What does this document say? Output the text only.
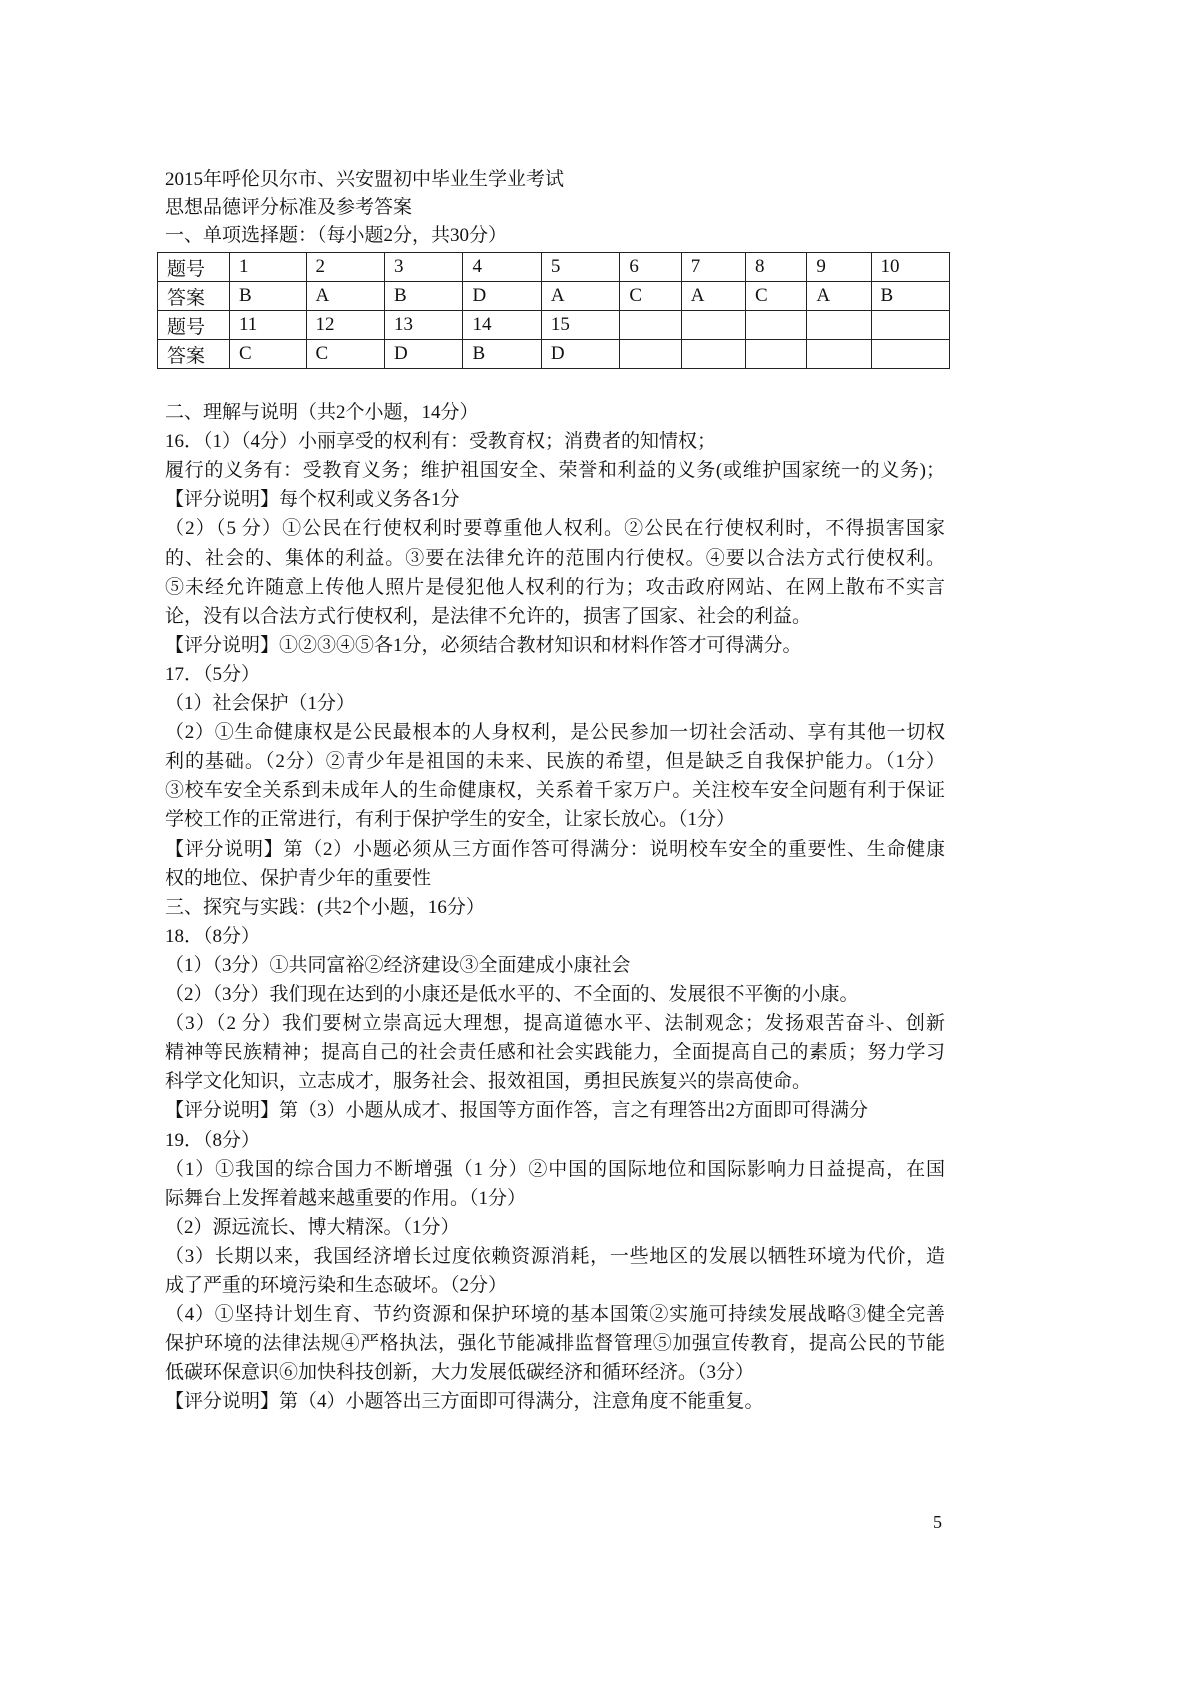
2015年呼伦贝尔市、兴安盟初中毕业生学业考试
思想品德评分标准及参考答案
一、单项选择题：（每小题2分，共30分）
题号	1	2	3	4	5	6	7	8	9	10
答案	B	A	B	D	A	C	A	C	A	B
题号	11	12	13	14	15					
答案	C	C	D	B	D					
二、理解与说明（共2个小题，14分）
16．（1）（4分）小丽享受的权利有：受教育权；消费者的知情权；
履行的义务有：受教育义务；维护祖国安全、荣誉和利益的义务(或维护国家统一的义务)；
【评分说明】每个权利或义务各1分
（2）（5 分）①公民在行使权利时要尊重他人权利。②公民在行使权利时，不得损害国家
的、社会的、集体的利益。③要在法律允许的范围内行使权。④要以合法方式行使权利。
⑤未经允许随意上传他人照片是侵犯他人权利的行为；攻击政府网站、在网上散布不实言
论，没有以合法方式行使权利，是法律不允许的，损害了国家、社会的利益。
【评分说明】①②③④⑤各1分，必须结合教材知识和材料作答才可得满分。
17．（5分）
（1）社会保护（1分）
（2）①生命健康权是公民最根本的人身权利，是公民参加一切社会活动、享有其他一切权
利的基础。（2分）②青少年是祖国的未来、民族的希望，但是缺乏自我保护能力。（1分）
③校车安全关系到未成年人的生命健康权，关系着千家万户。关注校车安全问题有利于保证
学校工作的正常进行，有利于保护学生的安全，让家长放心。（1分）
【评分说明】第（2）小题必须从三方面作答可得满分：说明校车安全的重要性、生命健康
权的地位、保护青少年的重要性
三、探究与实践：(共2个小题，16分）
18．（8分）
（1）（3分）①共同富裕②经济建设③全面建成小康社会
（2）（3分）我们现在达到的小康还是低水平的、不全面的、发展很不平衡的小康。
（3）（2 分）我们要树立崇高远大理想，提高道德水平、法制观念；发扬艰苦奋斗、创新
精神等民族精神；提高自己的社会责任感和社会实践能力，全面提高自己的素质；努力学习
科学文化知识，立志成才，服务社会、报效祖国，勇担民族复兴的崇高使命。
【评分说明】第（3）小题从成才、报国等方面作答，言之有理答出2方面即可得满分
19．（8分）
（1）①我国的综合国力不断增强（1 分）②中国的国际地位和国际影响力日益提高，在国
际舞台上发挥着越来越重要的作用。（1分）
（2）源远流长、博大精深。（1分）
（3）长期以来，我国经济增长过度依赖资源消耗，一些地区的发展以牺牲环境为代价，造
成了严重的环境污染和生态破坏。（2分）
（4）①坚持计划生育、节约资源和保护环境的基本国策②实施可持续发展战略③健全完善
保护环境的法律法规④严格执法，强化节能减排监督管理⑤加强宣传教育，提高公民的节能
低碳环保意识⑥加快科技创新，大力发展低碳经济和循环经济。（3分）
【评分说明】第（4）小题答出三方面即可得满分，注意角度不能重复。
5
